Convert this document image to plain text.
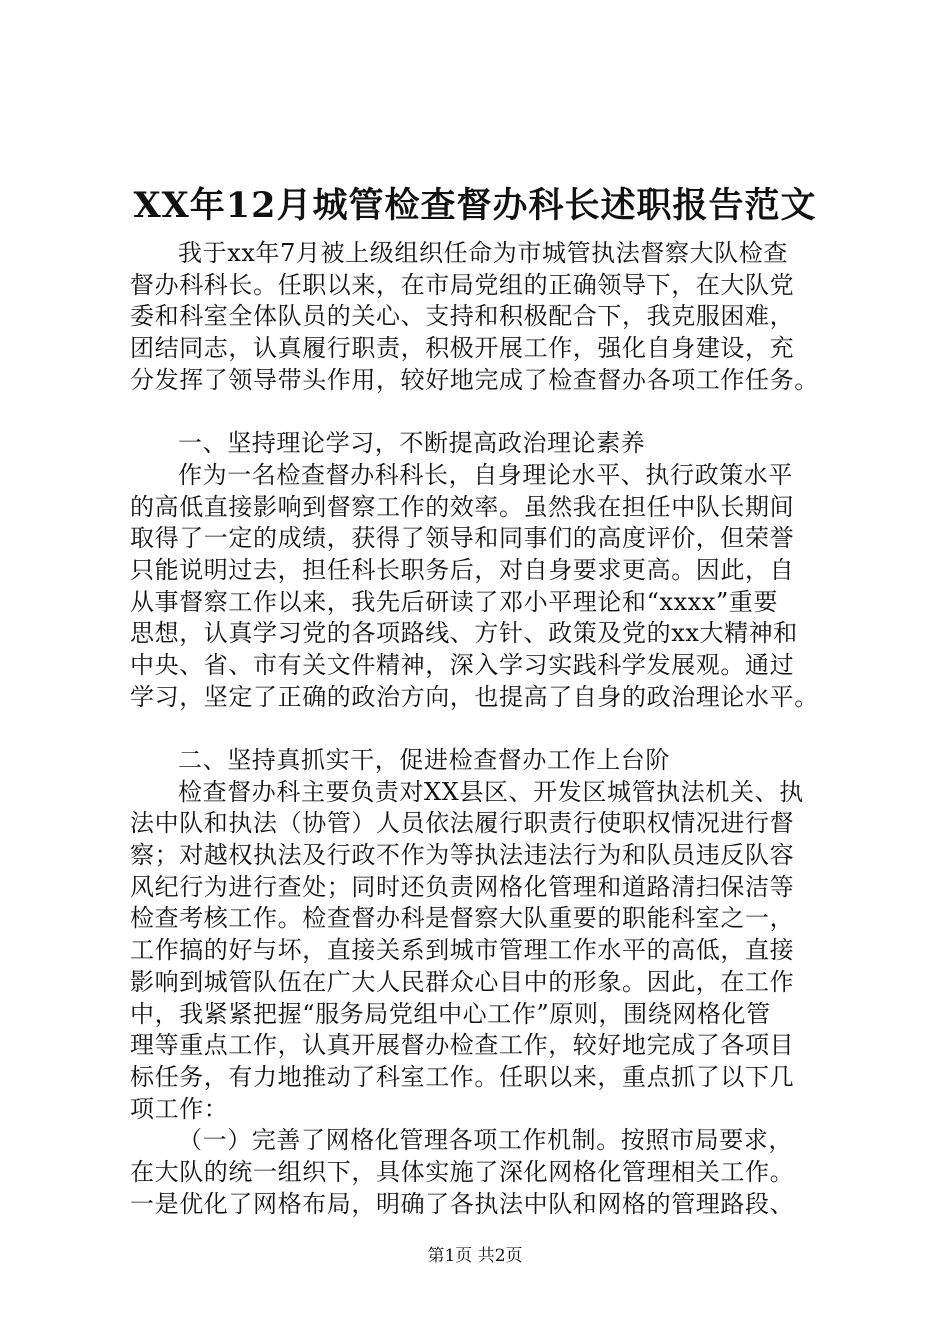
XX年12月城管检查督办科长述职报告范文
我于xx年7月被上级组织任命为市城管执法督察大队检查
督办科科长。任职以来，在市局党组的正确领导下，在大队党
委和科室全体队员的关心、支持和积极配合下，我克服困难，
团结同志，认真履行职责，积极开展工作，强化自身建设，充
分发挥了领导带头作用，较好地完成了检查督办各项工作任务。
一、坚持理论学习，不断提高政治理论素养
作为一名检查督办科科长，自身理论水平、执行政策水平
的高低直接影响到督察工作的效率。虽然我在担任中队长期间
取得了一定的成绩，获得了领导和同事们的高度评价，但荣誉
只能说明过去，担任科长职务后，对自身要求更高。因此，自
从事督察工作以来，我先后研读了邓小平理论和“xxxx”重要
思想，认真学习党的各项路线、方针、政策及党的xx大精神和
中央、省、市有关文件精神，深入学习实践科学发展观。通过
学习，坚定了正确的政治方向，也提高了自身的政治理论水平。
二、坚持真抓实干，促进检查督办工作上台阶
检查督办科主要负责对XX县区、开发区城管执法机关、执
法中队和执法（协管）人员依法履行职责行使职权情况进行督
察；对越权执法及行政不作为等执法违法行为和队员违反队容
风纪行为进行查处；同时还负责网格化管理和道路清扫保洁等
检查考核工作。检查督办科是督察大队重要的职能科室之一，
工作搞的好与坏，直接关系到城市管理工作水平的高低，直接
影响到城管队伍在广大人民群众心目中的形象。因此，在工作
中，我紧紧把握“服务局党组中心工作”原则，围绕网格化管
理等重点工作，认真开展督办检查工作，较好地完成了各项目
标任务，有力地推动了科室工作。任职以来，重点抓了以下几
项工作：
（一）完善了网格化管理各项工作机制。按照市局要求，
在大队的统一组织下，具体实施了深化网格化管理相关工作。
一是优化了网格布局，明确了各执法中队和网格的管理路段、
第1页 共2页
